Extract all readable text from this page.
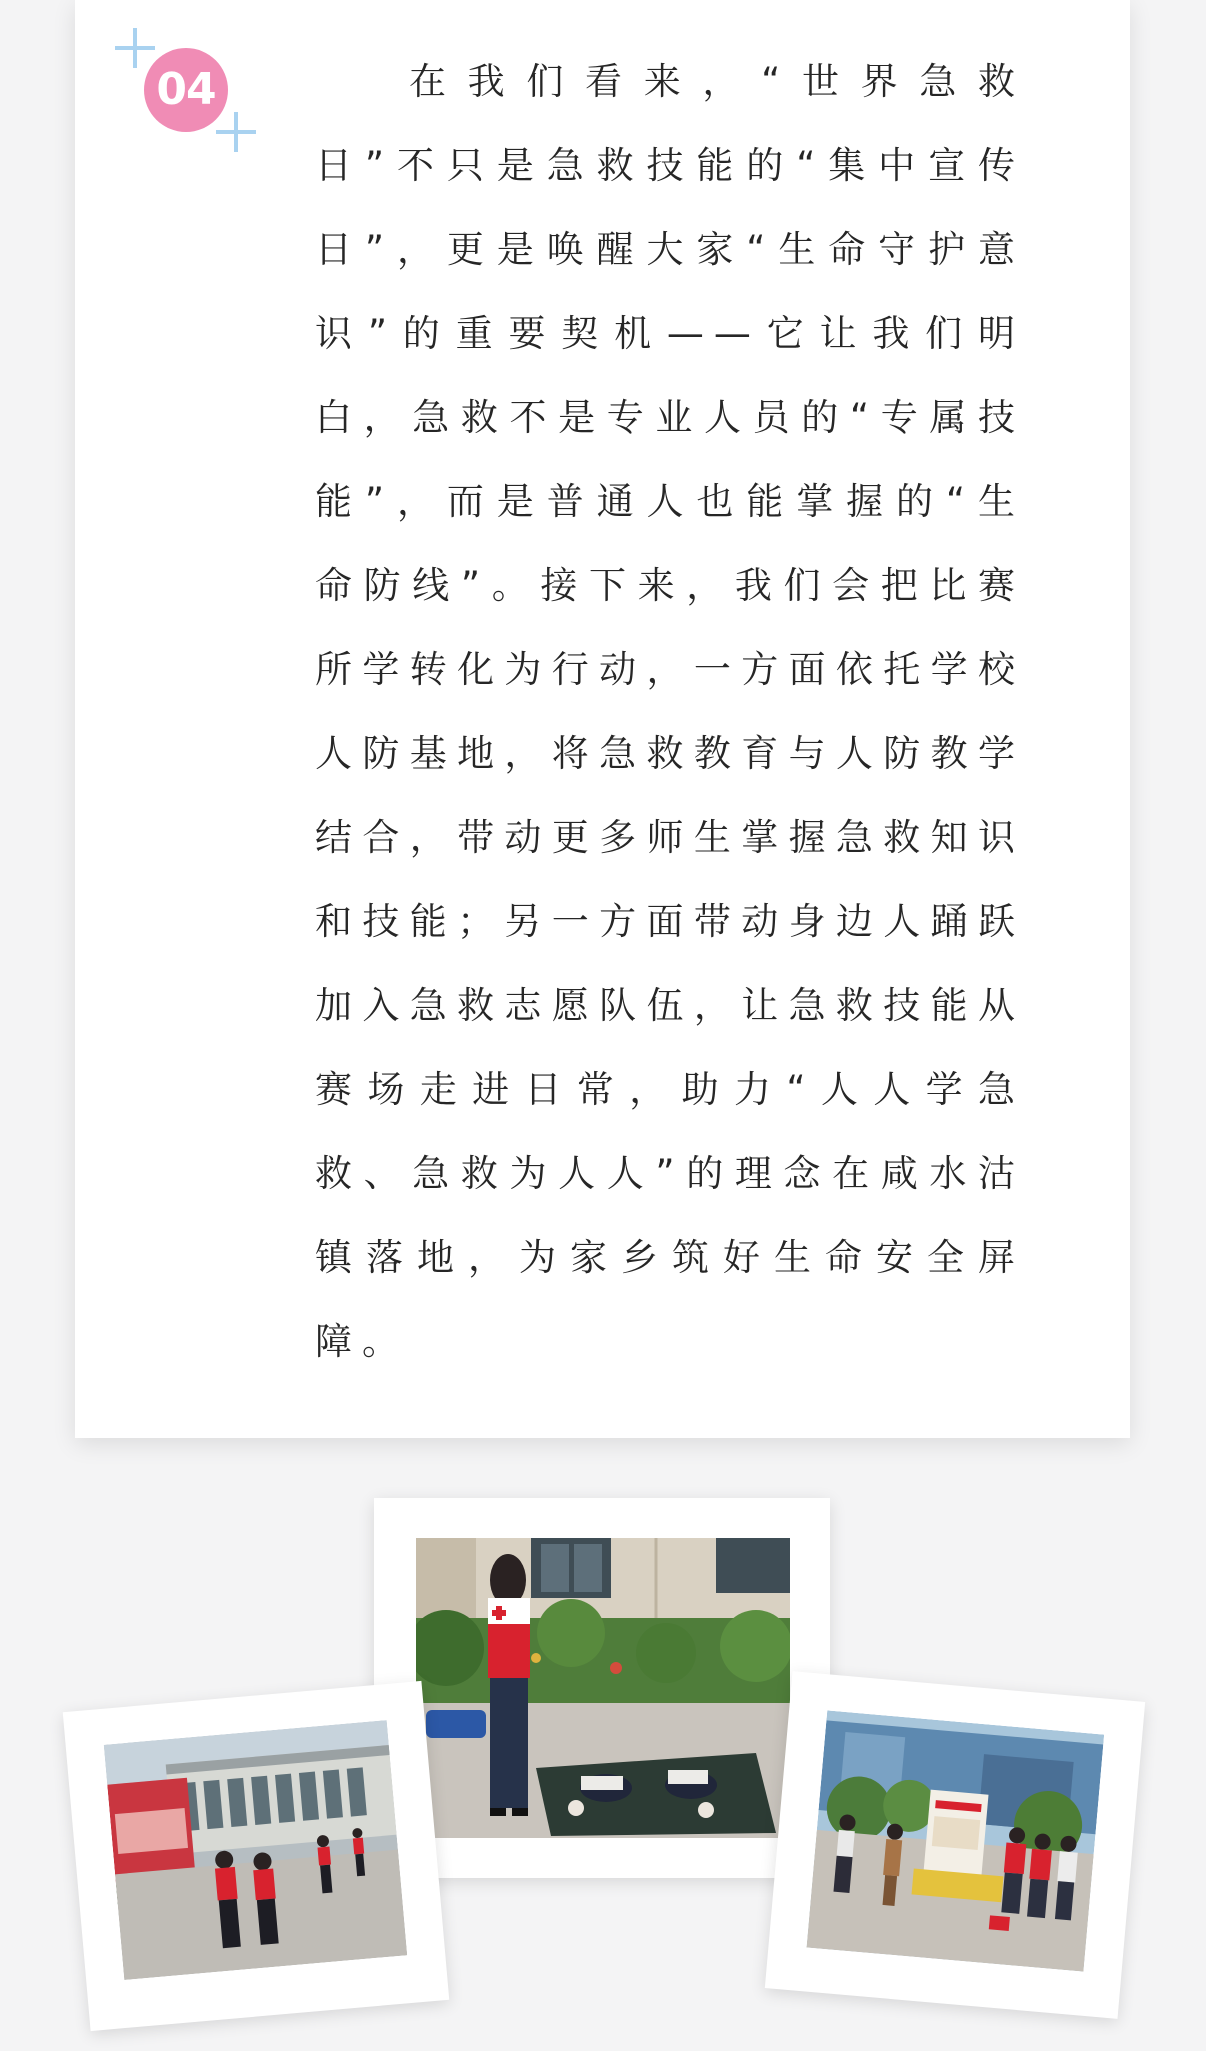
04	在我们看来，“世界急救日”不只是急救技能的“集中宣传日”，更是唤醒大家“生命守护意识”的重要契机——它让我们明白，急救不是专业人员的“专属技能”，而是普通人也能掌握的“生命防线”。接下来，我们会把比赛所学转化为行动，一方面依托学校人防基地，将急救教育与人防教学结合，带动更多师生掌握急救知识和技能；另一方面带动身边人踊跃加入急救志愿队伍，让急救技能从赛场走进日常，助力“人人学急救、急救为人人”的理念在咸水沽镇落地，为家乡筑好生命安全屏障。
